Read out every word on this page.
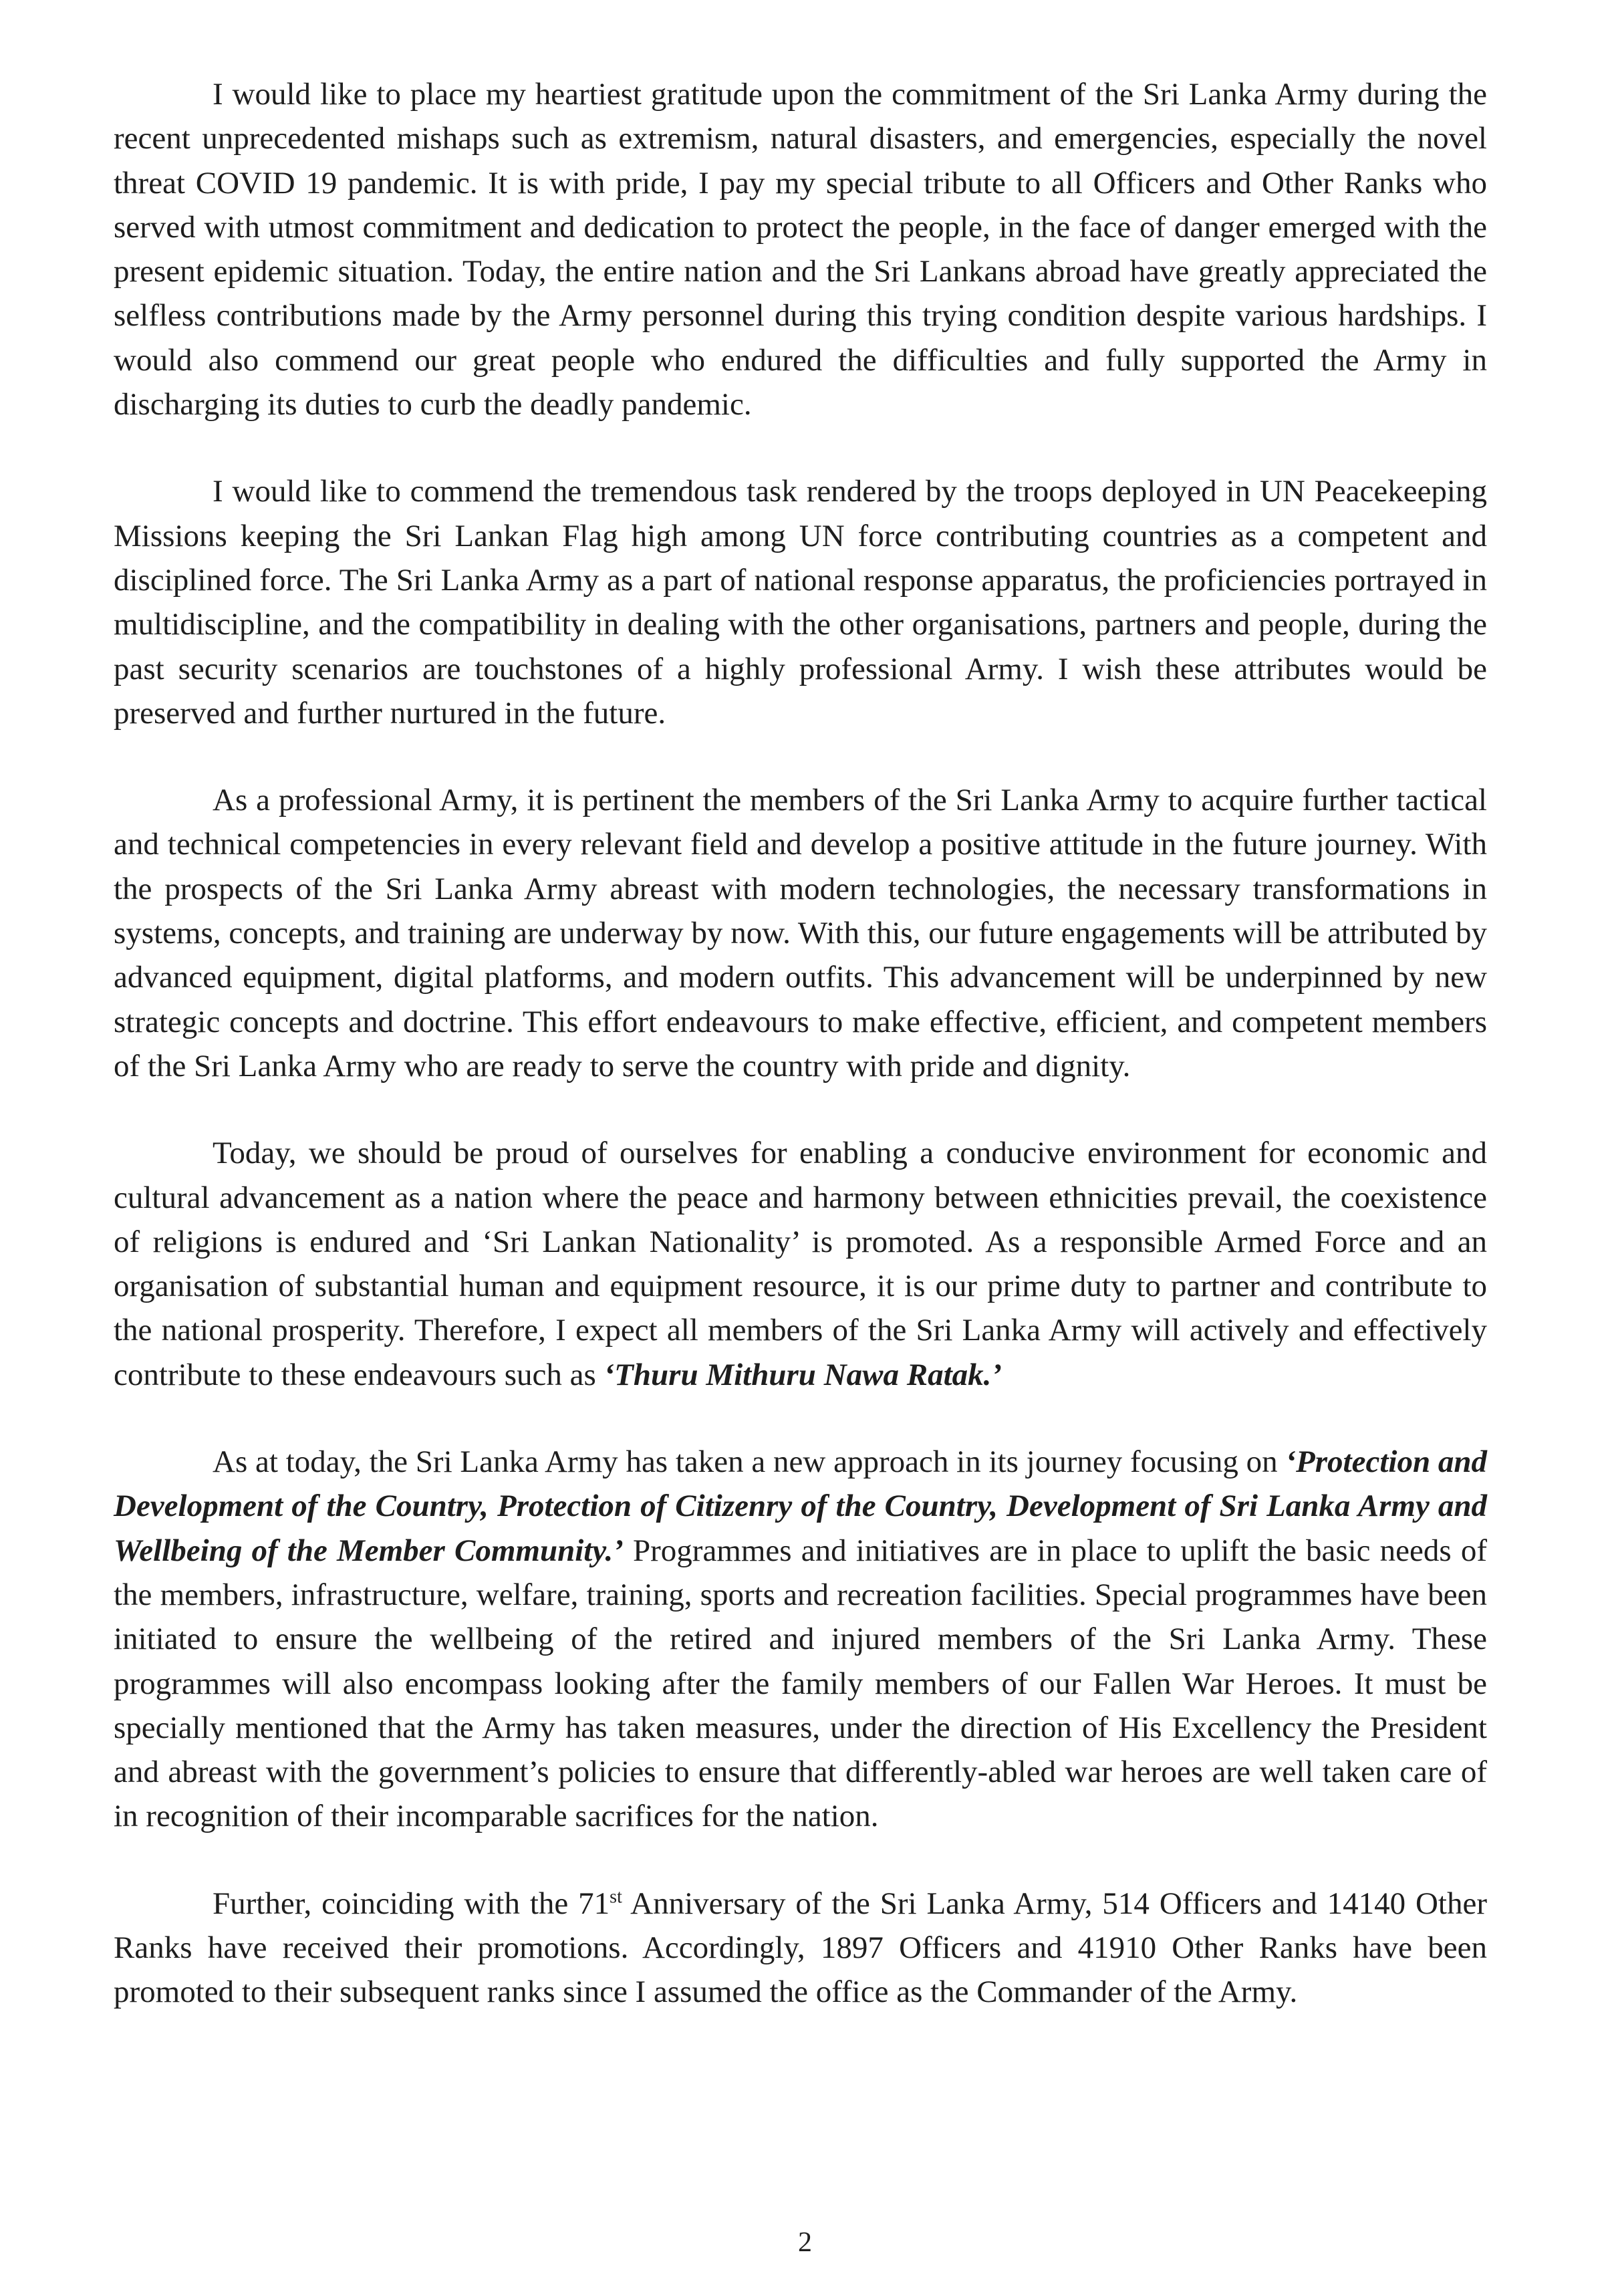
I would like to place my heartiest gratitude upon the commitment of the Sri Lanka Army during the recent unprecedented mishaps such as extremism, natural disasters, and emergencies, especially the novel threat COVID 19 pandemic. It is with pride, I pay my special tribute to all Officers and Other Ranks who served with utmost commitment and dedication to protect the people, in the face of danger emerged with the present epidemic situation. Today, the entire nation and the Sri Lankans abroad have greatly appreciated the selfless contributions made by the Army personnel during this trying condition despite various hardships. I would also commend our great people who endured the difficulties and fully supported the Army in discharging its duties to curb the deadly pandemic.

I would like to commend the tremendous task rendered by the troops deployed in UN Peacekeeping Missions keeping the Sri Lankan Flag high among UN force contributing countries as a competent and disciplined force. The Sri Lanka Army as a part of national response apparatus, the proficiencies portrayed in multidiscipline, and the compatibility in dealing with the other organisations, partners and people, during the past security scenarios are touchstones of a highly professional Army. I wish these attributes would be preserved and further nurtured in the future.

As a professional Army, it is pertinent the members of the Sri Lanka Army to acquire further tactical and technical competencies in every relevant field and develop a positive attitude in the future journey. With the prospects of the Sri Lanka Army abreast with modern technologies, the necessary transformations in systems, concepts, and training are underway by now. With this, our future engagements will be attributed by advanced equipment, digital platforms, and modern outfits. This advancement will be underpinned by new strategic concepts and doctrine. This effort endeavours to make effective, efficient, and competent members of the Sri Lanka Army who are ready to serve the country with pride and dignity.

Today, we should be proud of ourselves for enabling a conducive environment for economic and cultural advancement as a nation where the peace and harmony between ethnicities prevail, the coexistence of religions is endured and ‘Sri Lankan Nationality’ is promoted. As a responsible Armed Force and an organisation of substantial human and equipment resource, it is our prime duty to partner and contribute to the national prosperity. Therefore, I expect all members of the Sri Lanka Army will actively and effectively contribute to these endeavours such as ‘Thuru Mithuru Nawa Ratak.’

As at today, the Sri Lanka Army has taken a new approach in its journey focusing on ‘Protection and Development of the Country, Protection of Citizenry of the Country, Development of Sri Lanka Army and Wellbeing of the Member Community.’ Programmes and initiatives are in place to uplift the basic needs of the members, infrastructure, welfare, training, sports and recreation facilities. Special programmes have been initiated to ensure the wellbeing of the retired and injured members of the Sri Lanka Army. These programmes will also encompass looking after the family members of our Fallen War Heroes. It must be specially mentioned that the Army has taken measures, under the direction of His Excellency the President and abreast with the government’s policies to ensure that differently-abled war heroes are well taken care of in recognition of their incomparable sacrifices for the nation.

Further, coinciding with the 71st Anniversary of the Sri Lanka Army, 514 Officers and 14140 Other Ranks have received their promotions. Accordingly, 1897 Officers and 41910 Other Ranks have been promoted to their subsequent ranks since I assumed the office as the Commander of the Army.

2
